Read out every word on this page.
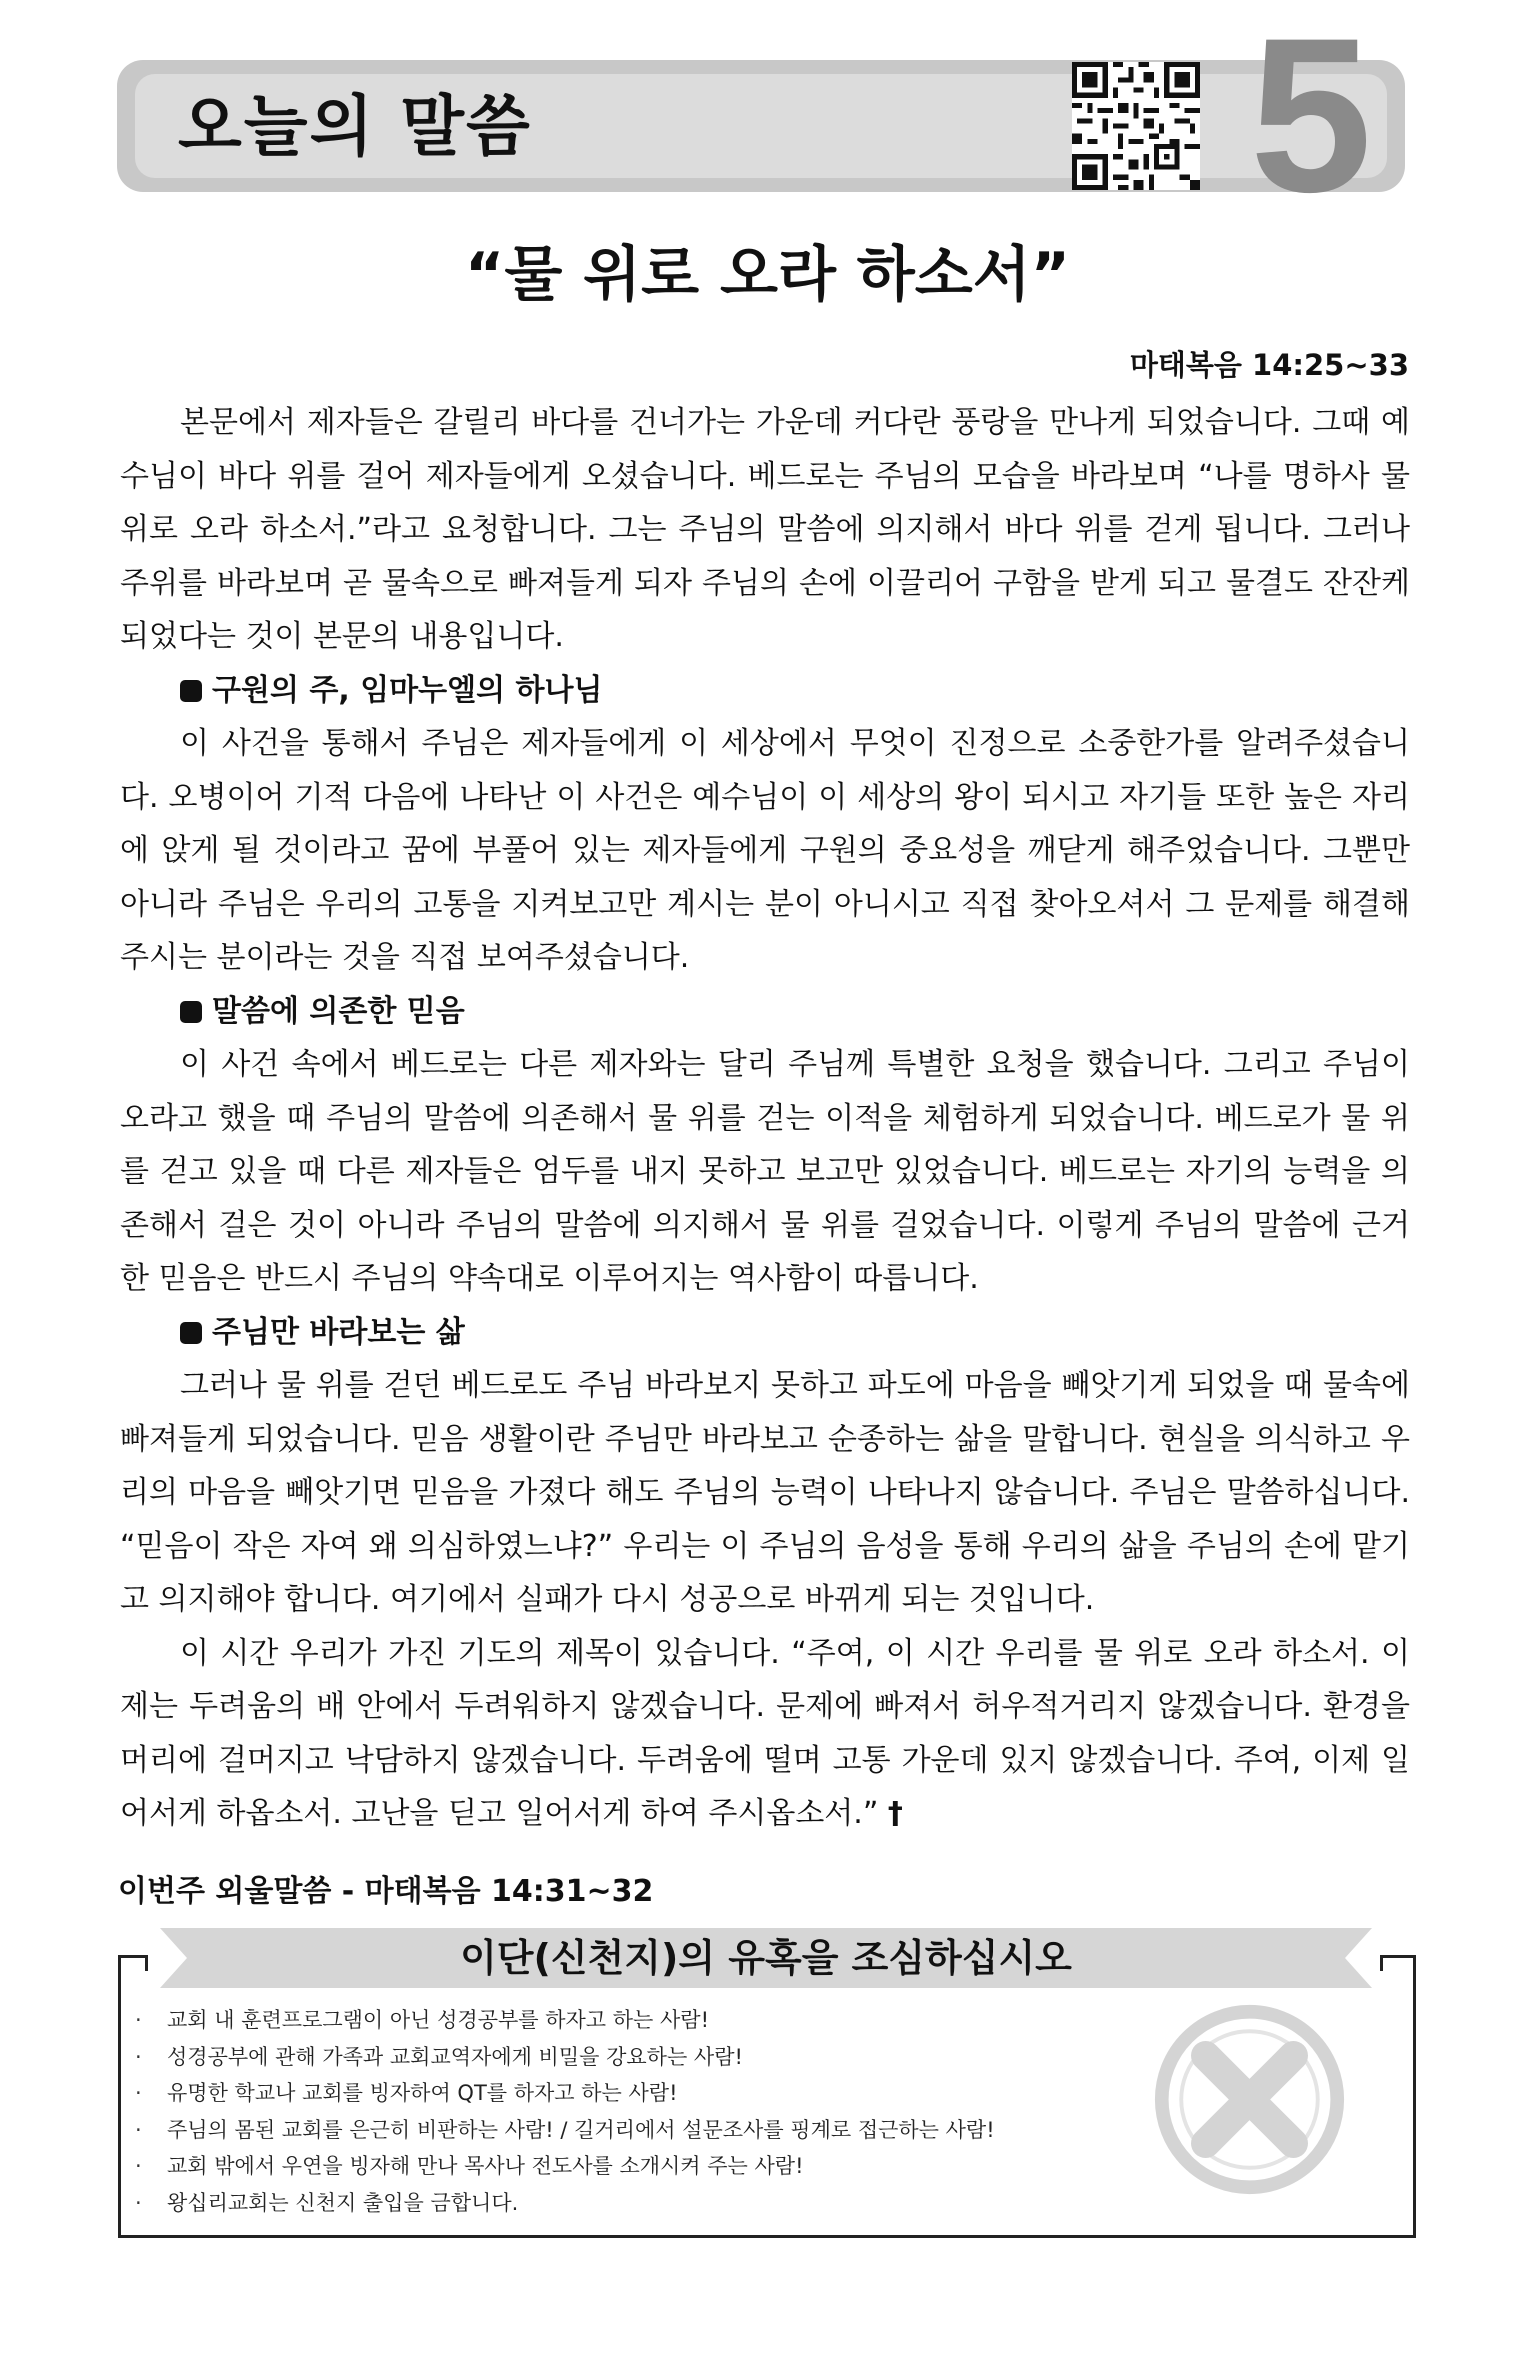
오늘의 말씀	5
“물 위로 오라 하소서”
마태복음 14:25~33

본문에서 제자들은 갈릴리 바다를 건너가는 가운데 커다란 풍랑을 만나게 되었습니다. 그때 예수님이 바다 위를 걸어 제자들에게 오셨습니다. 베드로는 주님의 모습을 바라보며 “나를 명하사 물 위로 오라 하소서.”라고 요청합니다. 그는 주님의 말씀에 의지해서 바다 위를 걷게 됩니다. 그러나 주위를 바라보며 곧 물속으로 빠져들게 되자 주님의 손에 이끌리어 구함을 받게 되고 물결도 잔잔케 되었다는 것이 본문의 내용입니다.

구원의 주, 임마누엘의 하나님

이 사건을 통해서 주님은 제자들에게 이 세상에서 무엇이 진정으로 소중한가를 알려주셨습니다. 오병이어 기적 다음에 나타난 이 사건은 예수님이 이 세상의 왕이 되시고 자기들 또한 높은 자리에 앉게 될 것이라고 꿈에 부풀어 있는 제자들에게 구원의 중요성을 깨닫게 해주었습니다. 그뿐만 아니라 주님은 우리의 고통을 지켜보고만 계시는 분이 아니시고 직접 찾아오셔서 그 문제를 해결해 주시는 분이라는 것을 직접 보여주셨습니다.

말씀에 의존한 믿음

이 사건 속에서 베드로는 다른 제자와는 달리 주님께 특별한 요청을 했습니다. 그리고 주님이 오라고 했을 때 주님의 말씀에 의존해서 물 위를 걷는 이적을 체험하게 되었습니다. 베드로가 물 위를 걷고 있을 때 다른 제자들은 엄두를 내지 못하고 보고만 있었습니다. 베드로는 자기의 능력을 의존해서 걸은 것이 아니라 주님의 말씀에 의지해서 물 위를 걸었습니다. 이렇게 주님의 말씀에 근거한 믿음은 반드시 주님의 약속대로 이루어지는 역사함이 따릅니다.

주님만 바라보는 삶

그러나 물 위를 걷던 베드로도 주님 바라보지 못하고 파도에 마음을 빼앗기게 되었을 때 물속에 빠져들게 되었습니다. 믿음 생활이란 주님만 바라보고 순종하는 삶을 말합니다. 현실을 의식하고 우리의 마음을 빼앗기면 믿음을 가졌다 해도 주님의 능력이 나타나지 않습니다. 주님은 말씀하십니다. “믿음이 작은 자여 왜 의심하였느냐?” 우리는 이 주님의 음성을 통해 우리의 삶을 주님의 손에 맡기고 의지해야 합니다. 여기에서 실패가 다시 성공으로 바뀌게 되는 것입니다.

이 시간 우리가 가진 기도의 제목이 있습니다. “주여, 이 시간 우리를 물 위로 오라 하소서. 이제는 두려움의 배 안에서 두려워하지 않겠습니다. 문제에 빠져서 허우적거리지 않겠습니다. 환경을 머리에 걸머지고 낙담하지 않겠습니다. 두려움에 떨며 고통 가운데 있지 않겠습니다. 주여, 이제 일어서게 하옵소서. 고난을 딛고 일어서게 하여 주시옵소서.” †

이번주 외울말씀 - 마태복음 14:31~32
이단(신천지)의 유혹을 조심하십시오
· 교회 내 훈련프로그램이 아닌 성경공부를 하자고 하는 사람!
· 성경공부에 관해 가족과 교회교역자에게 비밀을 강요하는 사람!
· 유명한 학교나 교회를 빙자하여 QT를 하자고 하는 사람!
· 주님의 몸된 교회를 은근히 비판하는 사람! / 길거리에서 설문조사를 핑계로 접근하는 사람!
· 교회 밖에서 우연을 빙자해 만나 목사나 전도사를 소개시켜 주는 사람!
· 왕십리교회는 신천지 출입을 금합니다.
